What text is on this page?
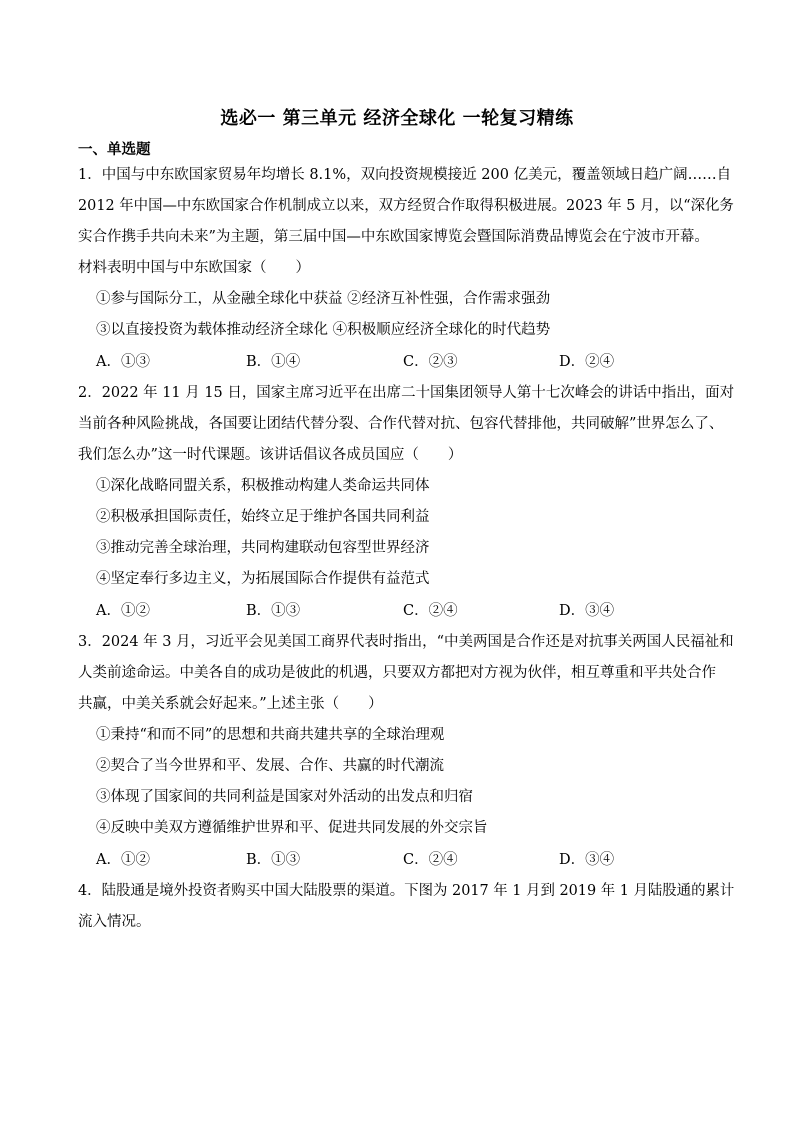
选必一 第三单元 经济全球化 一轮复习精练
一、单选题
1．中国与中东欧国家贸易年均增长 8.1%，双向投资规模接近 200 亿美元，覆盖领域日趋广阔……自
2012 年中国—中东欧国家合作机制成立以来，双方经贸合作取得积极进展。2023 年 5 月，以“深化务
实合作携手共向未来”为主题，第三届中国—中东欧国家博览会暨国际消费品博览会在宁波市开幕。
材料表明中国与中东欧国家（　　）
①参与国际分工，从金融全球化中获益 ②经济互补性强，合作需求强劲
③以直接投资为载体推动经济全球化 ④积极顺应经济全球化的时代趋势
A．①③	B．①④	C．②③	D．②④
2．2022 年 11 月 15 日，国家主席习近平在出席二十国集团领导人第十七次峰会的讲话中指出，面对
当前各种风险挑战，各国要让团结代替分裂、合作代替对抗、包容代替排他，共同破解”世界怎么了、
我们怎么办”这一时代课题。该讲话倡议各成员国应（　　）
①深化战略同盟关系，积极推动构建人类命运共同体
②积极承担国际责任，始终立足于维护各国共同利益
③推动完善全球治理，共同构建联动包容型世界经济
④坚定奉行多边主义，为拓展国际合作提供有益范式
A．①②	B．①③	C．②④	D．③④
3．2024 年 3 月，习近平会见美国工商界代表时指出，“中美两国是合作还是对抗事关两国人民福祉和
人类前途命运。中美各自的成功是彼此的机遇，只要双方都把对方视为伙伴，相互尊重和平共处合作
共赢，中美关系就会好起来。”上述主张（　　）
①秉持“和而不同”的思想和共商共建共享的全球治理观
②契合了当今世界和平、发展、合作、共赢的时代潮流
③体现了国家间的共同利益是国家对外活动的出发点和归宿
④反映中美双方遵循维护世界和平、促进共同发展的外交宗旨
A．①②	B．①③	C．②④	D．③④
4．陆股通是境外投资者购买中国大陆股票的渠道。下图为 2017 年 1 月到 2019 年 1 月陆股通的累计
流入情况。
